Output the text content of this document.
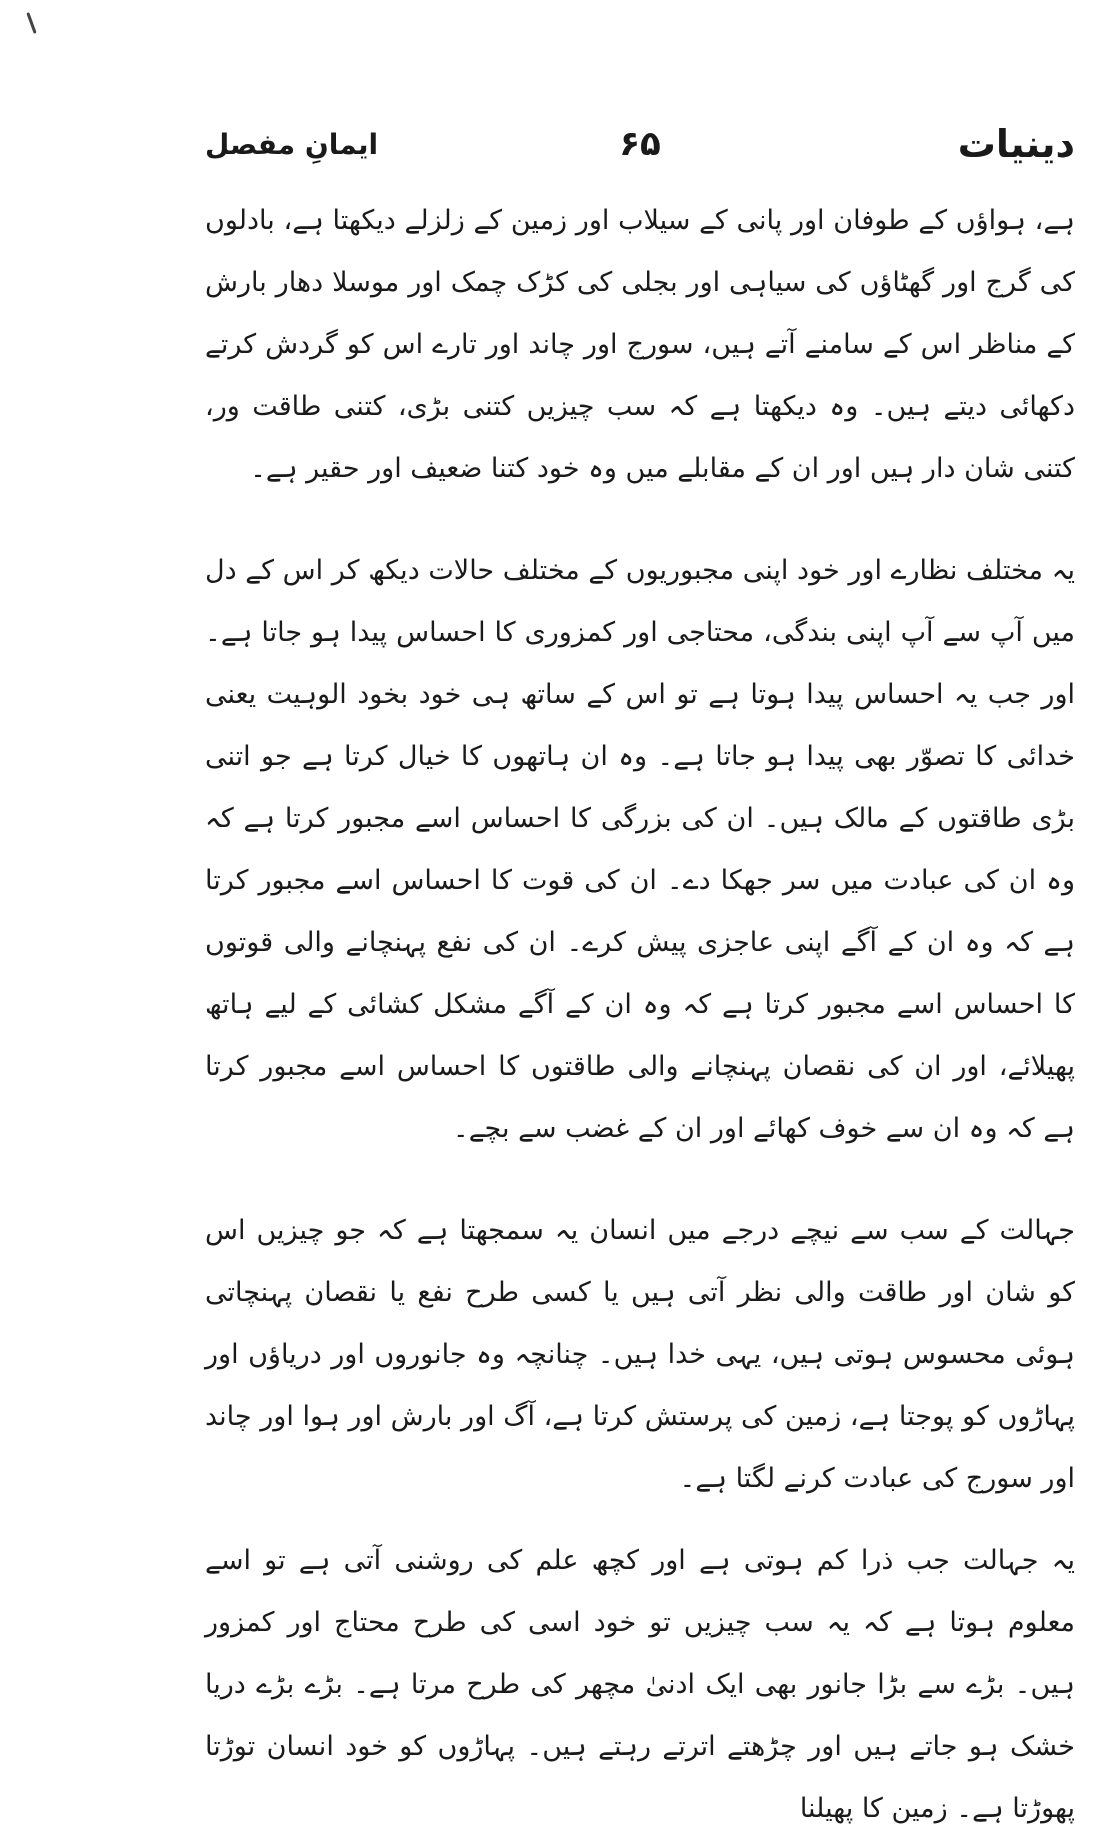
دینیات
۶۵
ایمانِ مفصل

ہے، ہواؤں کے طوفان اور پانی کے سیلاب اور زمین کے زلزلے دیکھتا ہے، بادلوں کی گرج اور گھٹاؤں کی سیاہی اور بجلی کی کڑک چمک اور موسلا دھار بارش کے مناظر اس کے سامنے آتے ہیں، سورج اور چاند اور تارے اس کو گردش کرتے دکھائی دیتے ہیں۔ وہ دیکھتا ہے کہ سب چیزیں کتنی بڑی، کتنی طاقت ور، کتنی شان دار ہیں اور ان کے مقابلے میں وہ خود کتنا ضعیف اور حقیر ہے۔

یہ مختلف نظارے اور خود اپنی مجبوریوں کے مختلف حالات دیکھ کر اس کے دل میں آپ سے آپ اپنی بندگی، محتاجی اور کمزوری کا احساس پیدا ہو جاتا ہے۔ اور جب یہ احساس پیدا ہوتا ہے تو اس کے ساتھ ہی خود بخود الوہیت یعنی خدائی کا تصوّر بھی پیدا ہو جاتا ہے۔ وہ ان ہاتھوں کا خیال کرتا ہے جو اتنی بڑی طاقتوں کے مالک ہیں۔ ان کی بزرگی کا احساس اسے مجبور کرتا ہے کہ وہ ان کی عبادت میں سر جھکا دے۔ ان کی قوت کا احساس اسے مجبور کرتا ہے کہ وہ ان کے آگے اپنی عاجزی پیش کرے۔ ان کی نفع پہنچانے والی قوتوں کا احساس اسے مجبور کرتا ہے کہ وہ ان کے آگے مشکل کشائی کے لیے ہاتھ پھیلائے، اور ان کی نقصان پہنچانے والی طاقتوں کا احساس اسے مجبور کرتا ہے کہ وہ ان سے خوف کھائے اور ان کے غضب سے بچے۔

جہالت کے سب سے نیچے درجے میں انسان یہ سمجھتا ہے کہ جو چیزیں اس کو شان اور طاقت والی نظر آتی ہیں یا کسی طرح نفع یا نقصان پہنچاتی ہوئی محسوس ہوتی ہیں، یہی خدا ہیں۔ چنانچہ وہ جانوروں اور دریاؤں اور پہاڑوں کو پوجتا ہے، زمین کی پرستش کرتا ہے، آگ اور بارش اور ہوا اور چاند اور سورج کی عبادت کرنے لگتا ہے۔

یہ جہالت جب ذرا کم ہوتی ہے اور کچھ علم کی روشنی آتی ہے تو اسے معلوم ہوتا ہے کہ یہ سب چیزیں تو خود اسی کی طرح محتاج اور کمزور ہیں۔ بڑے سے بڑا جانور بھی ایک ادنیٰ مچھر کی طرح مرتا ہے۔ بڑے بڑے دریا خشک ہو جاتے ہیں اور چڑھتے اترتے رہتے ہیں۔ پہاڑوں کو خود انسان توڑتا پھوڑتا ہے۔ زمین کا پھیلنا
